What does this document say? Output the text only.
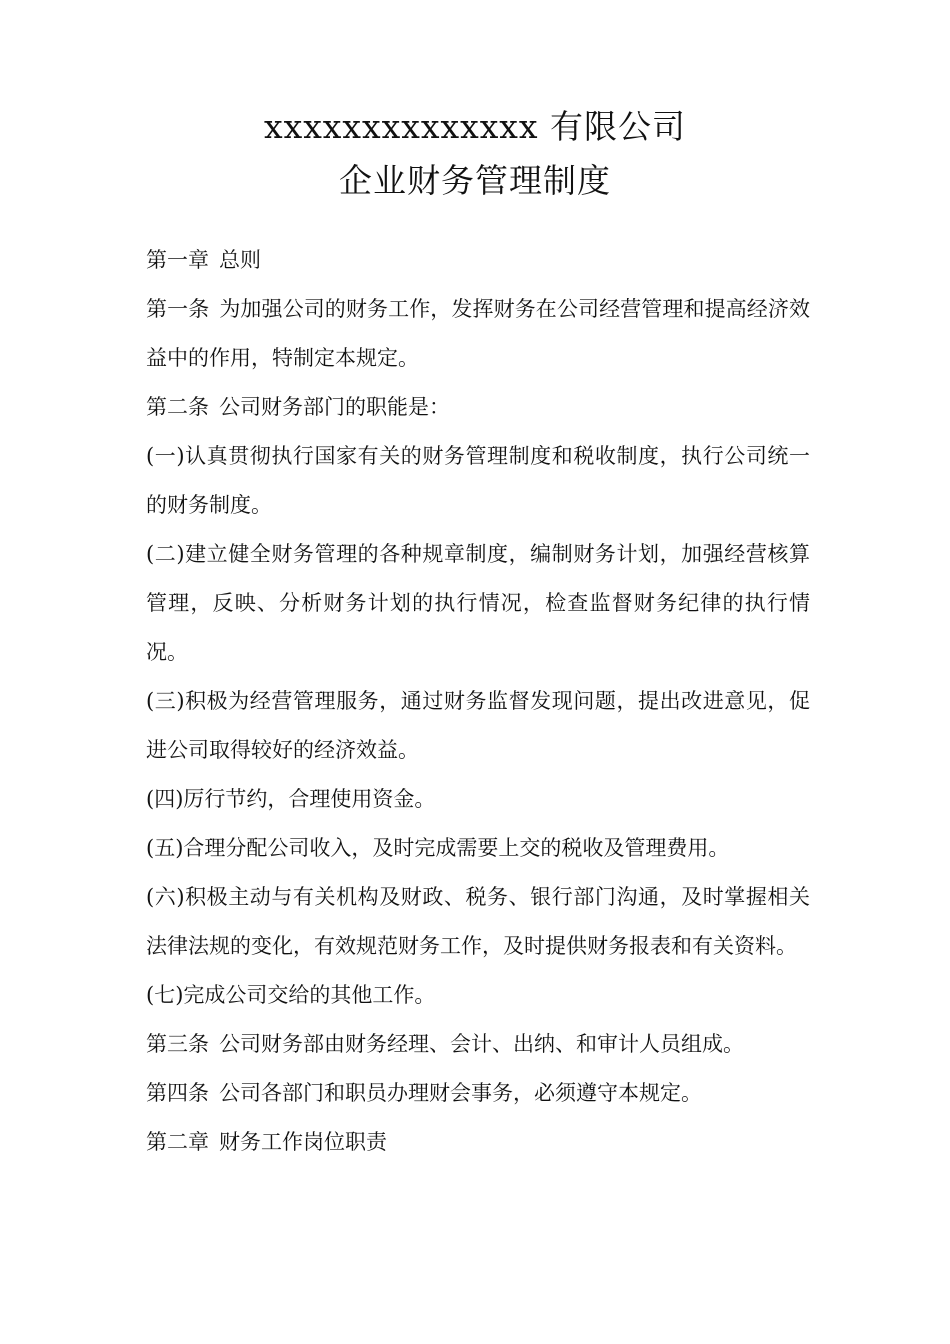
xxxxxxxxxxxxxx 有限公司
企业财务管理制度

第一章 总则

第一条 为加强公司的财务工作，发挥财务在公司经营管理和提高经济效益中的作用，特制定本规定。

第二条 公司财务部门的职能是：

(一)认真贯彻执行国家有关的财务管理制度和税收制度，执行公司统一的财务制度。

(二)建立健全财务管理的各种规章制度，编制财务计划，加强经营核算管理，反映、分析财务计划的执行情况，检查监督财务纪律的执行情况。

(三)积极为经营管理服务，通过财务监督发现问题，提出改进意见，促进公司取得较好的经济效益。

(四)厉行节约，合理使用资金。

(五)合理分配公司收入，及时完成需要上交的税收及管理费用。

(六)积极主动与有关机构及财政、税务、银行部门沟通，及时掌握相关法律法规的变化，有效规范财务工作，及时提供财务报表和有关资料。

(七)完成公司交给的其他工作。

第三条 公司财务部由财务经理、会计、出纳、和审计人员组成。

第四条 公司各部门和职员办理财会事务，必须遵守本规定。

第二章 财务工作岗位职责
